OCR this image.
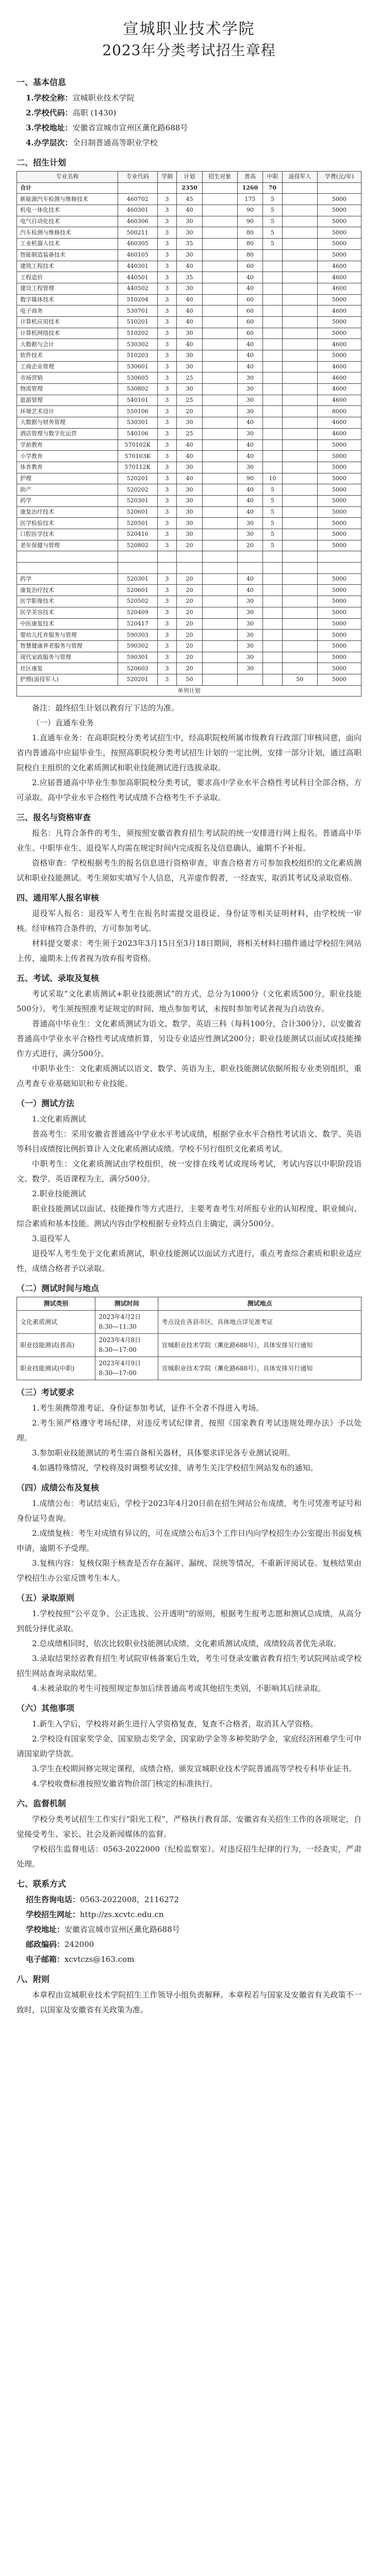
宣城职业技术学院
2023年分类考试招生章程
一、基本信息
1.学校全称：宣城职业技术学院
2.学校代码：高职 (1430)
3.学校地址：安徽省宣城市宣州区薰化路688号
4.办学层次：全日制普通高等职业学校
二、招生计划
专业名称	专业代码	学制	计划	招生对象	普高	中职	退役军人	学费(元/年)
合计			2350		1260	70		
新能源汽车检测与维修技术	460702	3	45		175	5		5000
机电一体化技术	460301	3	40		90	5		5000
电气自动化技术	460306	3	30		90	5		5000
汽车检测与维修技术	500211	3	30		80	5		5000
工业机器人技术	460305	3	35		80	5		5000
智能制造装备技术	460105	3	30		80			5000
建筑工程技术	440301	3	40		60			4600
工程造价	440501	3	35		40			4600
建设工程管理	440502	3	30		40			4600
数字媒体技术	510204	3	40		60			5000
电子商务	530701	3	40		60			4600
计算机应用技术	510201	3	40		60			5000
计算机网络技术	510202	3	30		60			5000
大数据与会计	530302	3	40		40			4600
软件技术	510203	3	30		40			5000
工商企业管理	530601	3	30		40			4600
市场营销	530605	3	25		30			4600
物流管理	530802	3	30		30			4600
旅游管理	540101	3	25		30			4600
环境艺术设计	550106	3	20		30			8000
大数据与财务管理	530301	3	30		40			4600
酒店管理与数字化运营	540106	3	25		30			4600
学前教育	570102K	3	40		40			5000
小学教育	570103K	3	40		40			5000
体育教育	570112K	3	30		30			5000
护理	520201	3	40		90	10		5000
助产	520202	3	30		40	5		5000
药学	520301	3	30		40	5		5000
康复治疗技术	520601	3	30		40	5		5000
医学检验技术	520501	3	30		30	5		5000
口腔医学技术	520416	3	30		30	5		5000
老年保健与管理	520802	3	20		20	5		5000

药学	520301	3	20		40			5000
康复治疗技术	520601	3	20		40			5000
医学影像技术	520502	3	20		30			5000
医学美容技术	520409	3	20		30			5000
中医康复技术	520417	3	20		30			5000
婴幼儿托育服务与管理	590303	3	20		30			5000
智慧健康养老服务与管理	590302	3	20		30			5000
现代家政服务与管理	590301	3	20		30			5000
社区康复	520603	3	20		30			5000
护理(退役军人)	520201	3	50				50	5000
单列计划								
备注：最终招生计划以教育厅下达的为准。
（一）直通车业务
1.直通车业务：在高职院校分类考试招生中，经高职院校所属市级教育行政部门审核同意，面向省内普通高中应届毕业生，按照高职院校分类考试招生计划的一定比例，安排一部分计划，通过高职院校自主组织的文化素质测试和职业技能测试进行选拔录取。
2.应届普通高中毕业生参加高职院校分类考试，要求高中学业水平合格性考试科目全部合格，方可录取。高中学业水平合格性考试成绩不合格考生不予录取。
三、报名与资格审查
报名：凡符合条件的考生，须按照安徽省教育招生考试院的统一安排进行网上报名。普通高中毕业生、中职毕业生、退役军人均需在规定时间内完成报名及信息确认，逾期不予补报。
资格审查：学校根据考生的报名信息进行资格审查，审查合格者方可参加我校组织的文化素质测试和职业技能测试。考生须如实填写个人信息，凡弄虚作假者，一经查实，取消其考试及录取资格。
四、通用军人报名审核
退役军人报名：退役军人考生在报名时需提交退役证、身份证等相关证明材料，由学校统一审核。经审核符合条件的，方可参加考试。
材料提交要求：考生须于2023年3月15日至3月18日期间，将相关材料扫描件通过学校招生网站上传，逾期未上传者视为放弃报考资格。
五、考试、录取及复核
考试采取“文化素质测试+职业技能测试”的方式，总分为1000分（文化素质500分，职业技能500分）。考生须按照准考证规定的时间、地点参加考试，未按时参加考试者视为自动放弃。
普通高中毕业生：文化素质测试为语文、数学、英语三科（每科100分，合计300分），以安徽省普通高中学业水平合格性考试成绩折算，另设专业适应性测试200分；职业技能测试以面试或技能操作方式进行，满分500分。
中职毕业生：文化素质测试以语文、数学、英语为主，职业技能测试依据所报专业类别组织，重点考查专业基础知识和专业技能。
（一）测试方法
1.文化素质测试
普高考生：采用安徽省普通高中学业水平考试成绩，根据学业水平合格性考试语文、数学、英语等科目成绩按比例折算计入文化素质测试成绩。学校不另行组织文化素质考试。
中职考生：文化素质测试由学校组织，统一安排在线考试或现场考试，考试内容以中职阶段语文、数学、英语课程为主，满分500分。
2.职业技能测试
职业技能测试以面试、技能操作等方式进行，主要考查考生对所报专业的认知程度、职业倾向、综合素质和基本技能。测试内容由学校根据专业特点自主确定，满分500分。
3.退役军人
退役军人考生免于文化素质测试，职业技能测试以面试方式进行，重点考查综合素质和职业适应性，成绩合格者予以录取。
（二）测试时间与地点
测试类别	测试时间	测试地点
文化素质测试	2023年4月2日
8:30—11:30	考点设在各县市区，具体地点详见准考证
职业技能测试(普高)	2023年4月8日
8:30—17:00	宣城职业技术学院（薰化路688号），具体安排另行通知
职业技能测试(中职)	2023年4月9日
8:30—17:00	宣城职业技术学院（薰化路688号），具体安排另行通知
（三）考试要求
1.考生须携带准考证、身份证参加考试，证件不全者不得进入考场。
2.考生须严格遵守考场纪律，对违反考试纪律者，按照《国家教育考试违规处理办法》予以处理。
3.参加职业技能测试的考生需自备相关器材，具体要求详见各专业测试说明。
4.如遇特殊情况，学校将及时调整考试安排，请考生关注学校招生网站发布的通知。
（四）成绩公布及复核
1.成绩公布：考试结束后，学校于2023年4月20日前在招生网站公布成绩，考生可凭准考证号和身份证号查询。
2.成绩复核：考生对成绩有异议的，可在成绩公布后3个工作日内向学校招生办公室提出书面复核申请，逾期不予受理。
3.复核内容：复核仅限于核查是否存在漏评、漏统、误统等情况，不重新评阅试卷。复核结果由学校招生办公室反馈考生本人。
（五）录取原则
1.学校按照“公平竞争、公正选拔、公开透明”的原则，根据考生报考志愿和测试总成绩，从高分到低分择优录取。
2.总成绩相同时，依次比较职业技能测试成绩、文化素质测试成绩，成绩较高者优先录取。
3.录取结果经省教育招生考试院审核备案后生效，考生可登录安徽省教育招生考试院网站或学校招生网站查询录取结果。
4.未被录取的考生可按照规定参加后续普通高考或其他招生类别，不影响其后续录取。
（六）其他事项
1.新生入学后，学校将对新生进行入学资格复查，复查不合格者，取消其入学资格。
2.学校设有国家奖学金、国家励志奖学金、国家助学金等多种奖助学金，家庭经济困难学生可申请国家助学贷款。
3.学生在校期间修完规定课程，成绩合格，颁发宣城职业技术学院普通高等学校专科毕业证书。
4.学校收费标准按照安徽省物价部门核定的标准执行。
六、监督机制
学校分类考试招生工作实行“阳光工程”，严格执行教育部、安徽省有关招生工作的各项规定，自觉接受考生、家长、社会及新闻媒体的监督。
学校招生监督电话：0563-2022000（纪检监察室）。对违反招生纪律的行为，一经查实，严肃处理。
七、联系方式
招生咨询电话：0563-2022008，2116272
学校招生网址：http://zs.xcvtc.edu.cn
学校地址：安徽省宣城市宣州区薰化路688号
邮政编码：242000
电子邮箱：xcvtczs@163.com
八、附则
本章程由宣城职业技术学院招生工作领导小组负责解释。本章程若与国家及安徽省有关政策不一致时，以国家及安徽省有关政策为准。
